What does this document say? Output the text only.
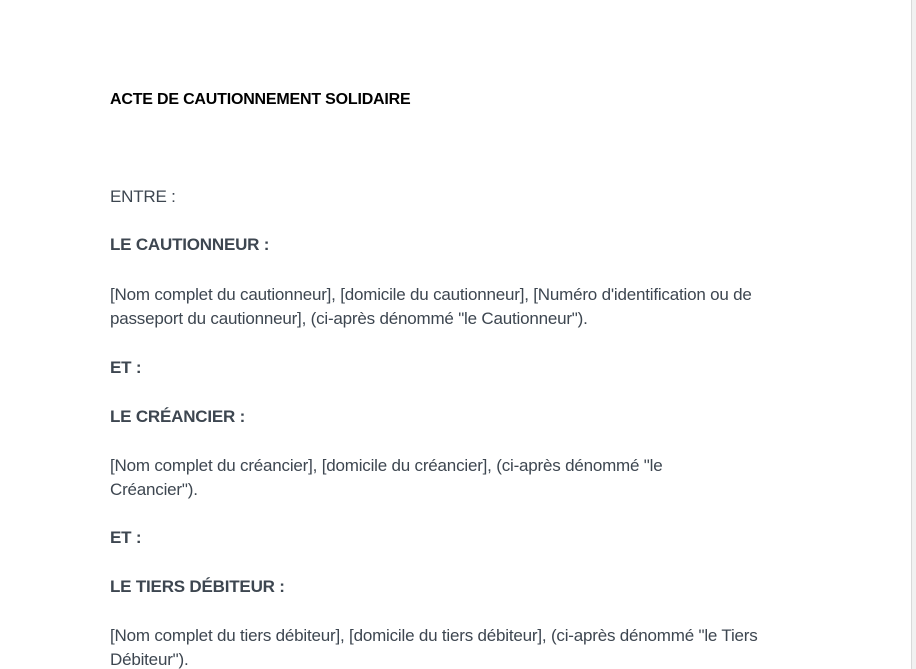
ACTE DE CAUTIONNEMENT SOLIDAIRE

ENTRE :

LE CAUTIONNEUR :

[Nom complet du cautionneur], [domicile du cautionneur], [Numéro d'identification ou de passeport du cautionneur], (ci-après dénommé "le Cautionneur").

ET :

LE CRÉANCIER :

[Nom complet du créancier], [domicile du créancier], (ci-après dénommé "le Créancier").

ET :

LE TIERS DÉBITEUR :

[Nom complet du tiers débiteur], [domicile du tiers débiteur], (ci-après dénommé "le Tiers Débiteur").
